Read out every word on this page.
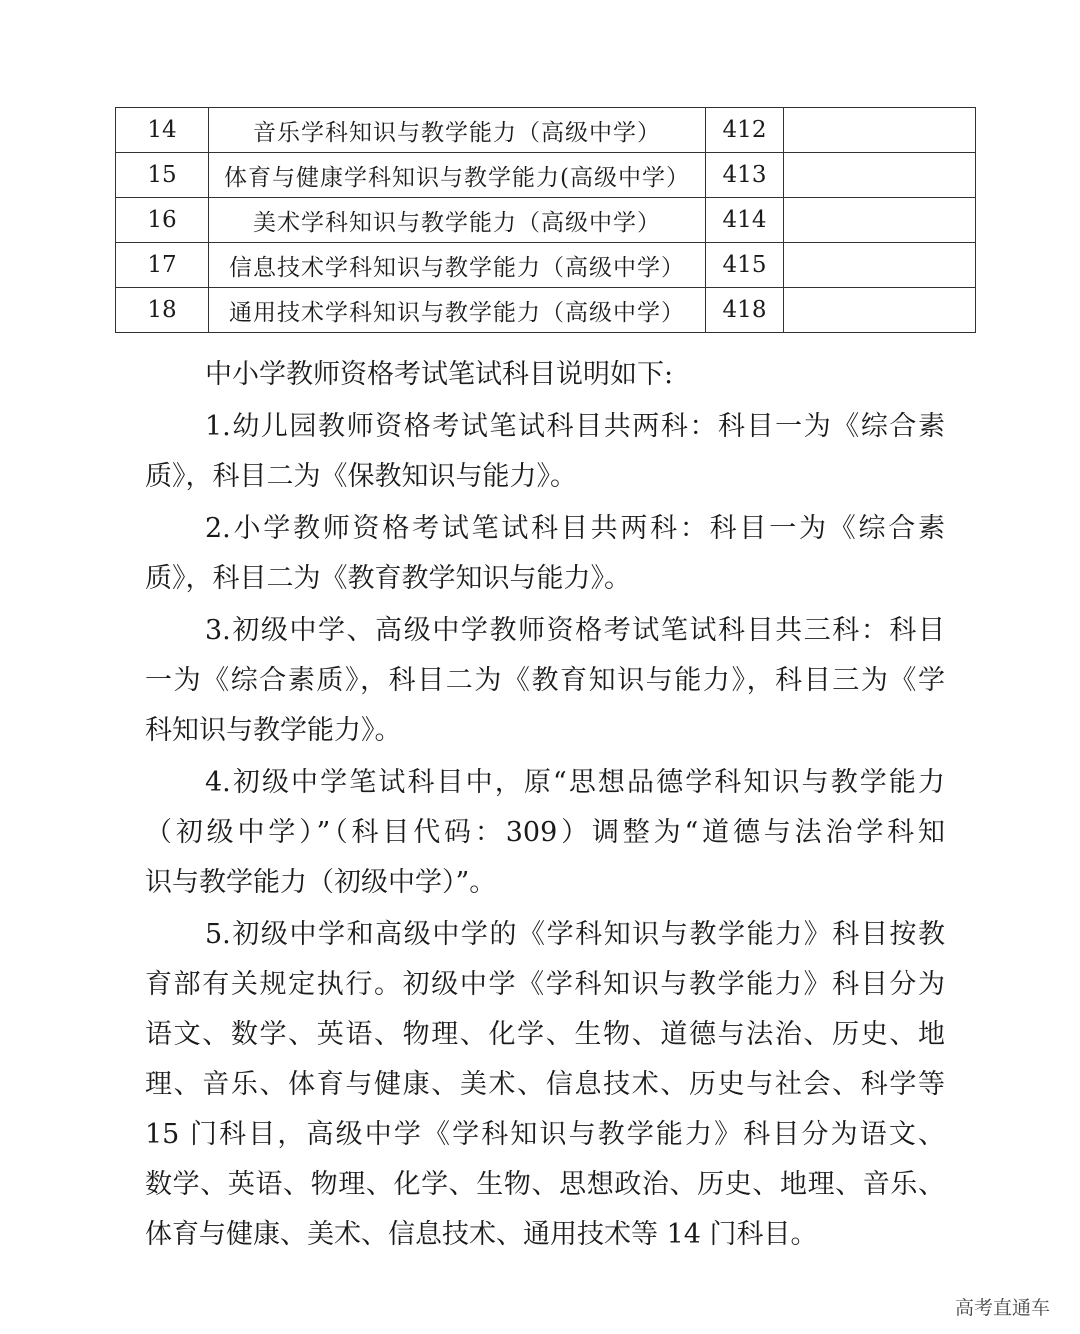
14	音乐学科知识与教学能力（高级中学）	412	
15	体育与健康学科知识与教学能力(高级中学）	413	
16	美术学科知识与教学能力（高级中学）	414	
17	信息技术学科知识与教学能力（高级中学）	415	
18	通用技术学科知识与教学能力（高级中学）	418	
中小学教师资格考试笔试科目说明如下:
1.幼儿园教师资格考试笔试科目共两科：科目一为《综合素
质》，科目二为《保教知识与能力》。
2.小学教师资格考试笔试科目共两科：科目一为《综合素
质》，科目二为《教育教学知识与能力》。
3.初级中学、高级中学教师资格考试笔试科目共三科：科目
一为《综合素质》，科目二为《教育知识与能力》，科目三为《学
科知识与教学能力》。
4.初级中学笔试科目中，原“思想品德学科知识与教学能力
（初级中学）”（科目代码：309）调整为“道德与法治学科知
识与教学能力（初级中学）”。
5.初级中学和高级中学的《学科知识与教学能力》科目按教
育部有关规定执行。初级中学《学科知识与教学能力》科目分为
语文、数学、英语、物理、化学、生物、道德与法治、历史、地
理、音乐、体育与健康、美术、信息技术、历史与社会、科学等
15 门科目，高级中学《学科知识与教学能力》科目分为语文、
数学、英语、物理、化学、生物、思想政治、历史、地理、音乐、
体育与健康、美术、信息技术、通用技术等 14 门科目。
高考直通车
